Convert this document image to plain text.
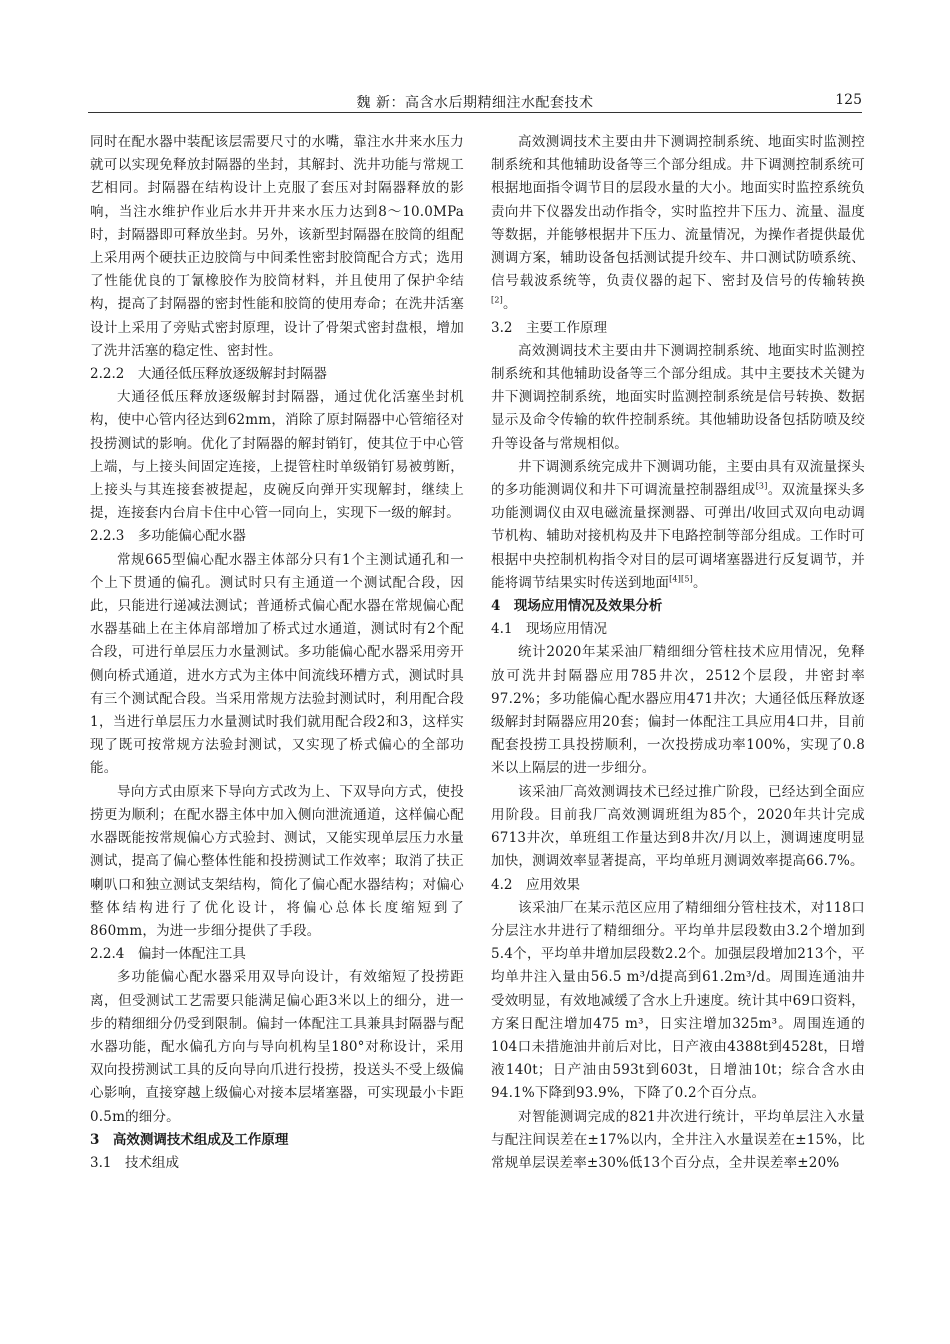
魏 新：高含水后期精细注水配套技术	125

同时在配水器中装配该层需要尺寸的水嘴，靠注水井来水压力就可以实现免释放封隔器的坐封，其解封、洗井功能与常规工艺相同。封隔器在结构设计上克服了套压对封隔器释放的影响，当注水维护作业后水井开井来水压力达到8～10.0MPa时，封隔器即可释放坐封。另外，该新型封隔器在胶筒的组配上采用两个硬扶正边胶筒与中间柔性密封胶筒配合方式；选用了性能优良的丁氰橡胶作为胶筒材料，并且使用了保护伞结构，提高了封隔器的密封性能和胶筒的使用寿命；在洗井活塞设计上采用了旁贴式密封原理，设计了骨架式密封盘根，增加了洗井活塞的稳定性、密封性。

2.2.2　大通径低压释放逐级解封封隔器

大通径低压释放逐级解封封隔器，通过优化活塞坐封机构，使中心管内径达到62mm，消除了原封隔器中心管缩径对投捞测试的影响。优化了封隔器的解封销钉，使其位于中心管上端，与上接头间固定连接，上提管柱时单级销钉易被剪断，上接头与其连接套被提起，皮碗反向弹开实现解封，继续上提，连接套内台肩卡住中心管一同向上，实现下一级的解封。

2.2.3　多功能偏心配水器

常规665型偏心配水器主体部分只有1个主测试通孔和一个上下贯通的偏孔。测试时只有主通道一个测试配合段，因此，只能进行递减法测试；普通桥式偏心配水器在常规偏心配水器基础上在主体肩部增加了桥式过水通道，测试时有2个配合段，可进行单层压力水量测试。多功能偏心配水器采用旁开侧向桥式通道，进水方式为主体中间流线环槽方式，测试时具有三个测试配合段。当采用常规方法验封测试时，利用配合段1，当进行单层压力水量测试时我们就用配合段2和3，这样实现了既可按常规方法验封测试，又实现了桥式偏心的全部功能。

导向方式由原来下导向方式改为上、下双导向方式，使投捞更为顺利；在配水器主体中加入侧向泄流通道，这样偏心配水器既能按常规偏心方式验封、测试，又能实现单层压力水量测试，提高了偏心整体性能和投捞测试工作效率；取消了扶正喇叭口和独立测试支架结构，简化了偏心配水器结构；对偏心整体结构进行了优化设计，将偏心总体长度缩短到了860mm，为进一步细分提供了手段。

2.2.4　偏封一体配注工具

多功能偏心配水器采用双导向设计，有效缩短了投捞距离，但受测试工艺需要只能满足偏心距3米以上的细分，进一步的精细细分仍受到限制。偏封一体配注工具兼具封隔器与配水器功能，配水偏孔方向与导向机构呈180°对称设计，采用双向投捞测试工具的反向导向爪进行投捞，投送头不受上级偏心影响，直接穿越上级偏心对接本层堵塞器，可实现最小卡距0.5m的细分。

3　高效测调技术组成及工作原理
3.1　技术组成

高效测调技术主要由井下测调控制系统、地面实时监测控制系统和其他辅助设备等三个部分组成。井下调测控制系统可根据地面指令调节目的层段水量的大小。地面实时监控系统负责向井下仪器发出动作指令，实时监控井下压力、流量、温度等数据，并能够根据井下压力、流量情况，为操作者提供最优测调方案，辅助设备包括测试提升绞车、井口测试防喷系统、信号载波系统等，负责仪器的起下、密封及信号的传输转换[2]。

3.2　主要工作原理

高效测调技术主要由井下测调控制系统、地面实时监测控制系统和其他辅助设备等三个部分组成。其中主要技术关键为井下测调控制系统，地面实时监测控制系统是信号转换、数据显示及命令传输的软件控制系统。其他辅助设备包括防喷及绞升等设备与常规相似。

井下调测系统完成井下测调功能，主要由具有双流量探头的多功能测调仪和井下可调流量控制器组成[3]。双流量探头多功能测调仪由双电磁流量探测器、可弹出/收回式双向电动调节机构、辅助对接机构及井下电路控制等部分组成。工作时可根据中央控制机构指令对目的层可调堵塞器进行反复调节，并能将调节结果实时传送到地面[4][5]。

4　现场应用情况及效果分析
4.1　现场应用情况

统计2020年某采油厂精细细分管柱技术应用情况，免释放可洗井封隔器应用785井次，2512个层段，井密封率97.2%；多功能偏心配水器应用471井次；大通径低压释放逐级解封封隔器应用20套；偏封一体配注工具应用4口井，目前配套投捞工具投捞顺利，一次投捞成功率100%，实现了0.8米以上隔层的进一步细分。

该采油厂高效测调技术已经过推广阶段，已经达到全面应用阶段。目前我厂高效测调班组为85个，2020年共计完成6713井次，单班组工作量达到8井次/月以上，测调速度明显加快，测调效率显著提高，平均单班月测调效率提高66.7%。

4.2　应用效果

该采油厂在某示范区应用了精细细分管柱技术，对118口分层注水井进行了精细细分。平均单井层段数由3.2个增加到5.4个，平均单井增加层段数2.2个。加强层段增加213个，平均单井注入量由56.5 m³/d提高到61.2m³/d。周围连通油井受效明显，有效地减缓了含水上升速度。统计其中69口资料，方案日配注增加475 m³，日实注增加325m³。周围连通的104口未措施油井前后对比，日产液由4388t到4528t，日增液140t；日产油由593t到603t，日增油10t；综合含水由94.1%下降到93.9%，下降了0.2个百分点。

对智能测调完成的821井次进行统计，平均单层注入水量与配注间误差在±17%以内，全井注入水量误差在±15%，比常规单层误差率±30%低13个百分点，全井误差率±20%
